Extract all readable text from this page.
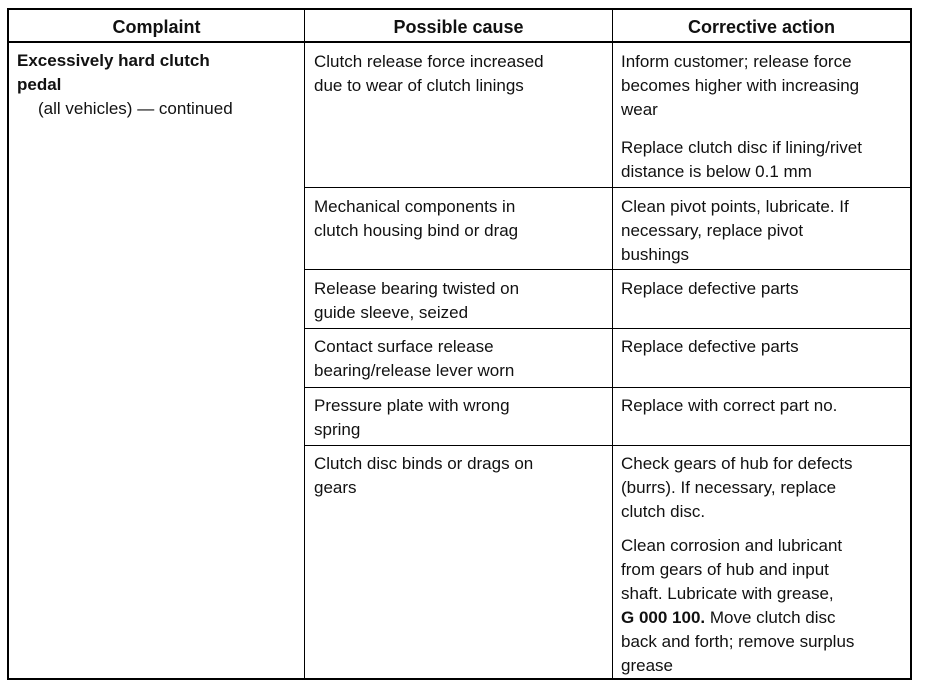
Complaint	Possible cause	Corrective action
Excessively hard clutch
pedal
(all vehicles) — continued
Clutch release force increased
due to wear of clutch linings
Inform customer; release force
becomes higher with increasing
wear
Replace clutch disc if lining/rivet
distance is below 0.1 mm
Mechanical components in
clutch housing bind or drag
Clean pivot points, lubricate. If
necessary, replace pivot
bushings
Release bearing twisted on
guide sleeve, seized
Replace defective parts
Contact surface release
bearing/release lever worn
Replace defective parts
Pressure plate with wrong
spring
Replace with correct part no.
Clutch disc binds or drags on
gears
Check gears of hub for defects
(burrs). If necessary, replace
clutch disc.
Clean corrosion and lubricant
from gears of hub and input
shaft. Lubricate with grease,
G 000 100. Move clutch disc
back and forth; remove surplus
grease
